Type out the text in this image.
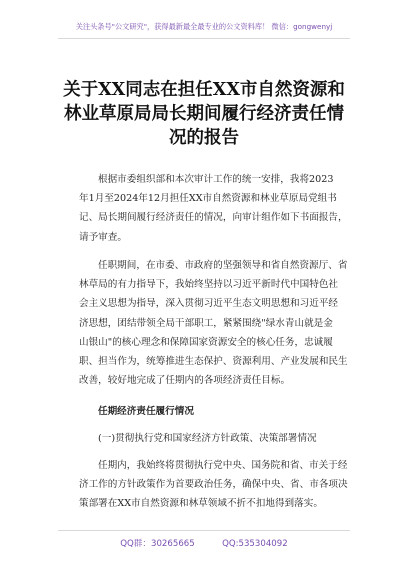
关注头条号"公文研究"，获得最新最全最专业的公文资料库！ 微信：gongwenyj
关于XX同志在担任XX市自然资源和
林业草原局局长期间履行经济责任情
况的报告
根据市委组织部和本次审计工作的统一安排，我将2023
年1月至2024年12月担任XX市自然资源和林业草原局党组书
记、局长期间履行经济责任的情况，向审计组作如下书面报告，
请予审查。
任职期间，在市委、市政府的坚强领导和省自然资源厅、省
林草局的有力指导下，我始终坚持以习近平新时代中国特色社
会主义思想为指导，深入贯彻习近平生态文明思想和习近平经
济思想，团结带领全局干部职工，紧紧围绕"绿水青山就是金
山银山"的核心理念和保障国家资源安全的核心任务，忠诚履
职、担当作为，统筹推进生态保护、资源利用、产业发展和民生
改善，较好地完成了任期内的各项经济责任目标。
任期经济责任履行情况
(一)贯彻执行党和国家经济方针政策、决策部署情况
任期内，我始终将贯彻执行党中央、国务院和省、市关于经
济工作的方针政策作为首要政治任务，确保中央、省、市各项决
策部署在XX市自然资源和林草领域不折不扣地得到落实。
QQ群：30265665	QQ:535304092
